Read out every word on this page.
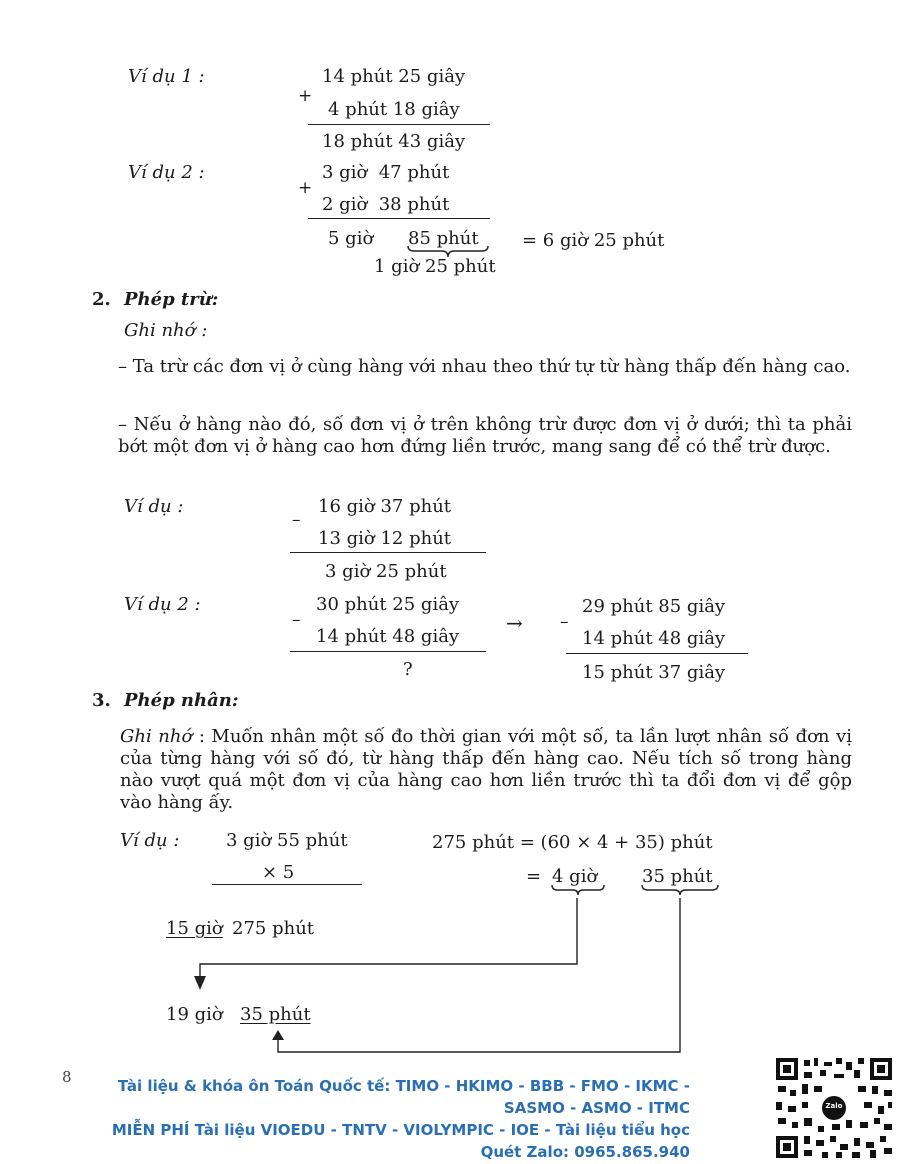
Ví dụ 1 :	14 phút 25 giây
+
4 phút 18 giây
18 phút 43 giây
Ví dụ 2 :	3 giờ  47 phút
+
2 giờ  38 phút
5 giờ 85 phút = 6 giờ 25 phút
1 giờ 25 phút
2. Phép trừ:
Ghi nhớ :
– Ta trừ các đơn vị ở cùng hàng với nhau theo thứ tự từ hàng thấp đến hàng cao.
– Nếu ở hàng nào đó, số đơn vị ở trên không trừ được đơn vị ở dưới; thì ta phải bớt một đơn vị ở hàng cao hơn đứng liền trước, mang sang để có thể trừ được.
Ví dụ :
–
16 giờ 37 phút
13 giờ 12 phút
3 giờ 25 phút
Ví dụ 2 :
–
30 phút 25 giây
14 phút 48 giây
?
→ –
29 phút 85 giây
14 phút 48 giây
15 phút 37 giây
3. Phép nhân:
Ghi nhớ : Muốn nhân một số đo thời gian với một số, ta lần lượt nhân số đơn vị của từng hàng với số đó, từ hàng thấp đến hàng cao. Nếu tích số trong hàng nào vượt quá một đơn vị của hàng cao hơn liền trước thì ta đổi đơn vị để gộp vào hàng ấy.
Ví dụ :	3 giờ 55 phút
× 5
275 phút = (60 × 4 + 35) phút
= 4 giờ 35 phút
15 giờ 275 phút
19 giờ 35 phút
8	Tài liệu & khóa ôn Toán Quốc tế: TIMO - HKIMO - BBB - FMO - IKMC -
SASMO - ASMO - ITMC
MIỄN PHÍ Tài liệu VIOEDU - TNTV - VIOLYMPIC - IOE - Tài liệu tiểu học
Quét Zalo: 0965.865.940
Zalo
